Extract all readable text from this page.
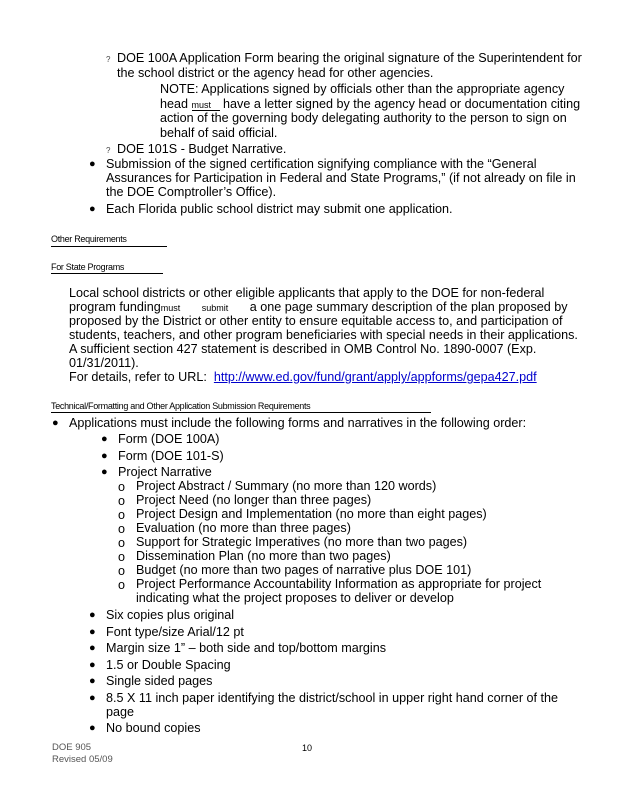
? DOE 100A Application Form bearing the original signature of the Superintendent for
the school district or the agency head for other agencies.
NOTE: Applications signed by officials other than the appropriate agency
head must have a letter signed by the agency head or documentation citing
action of the governing body delegating authority to the person to sign on
behalf of said official.
? DOE 101S - Budget Narrative.
● Submission of the signed certification signifying compliance with the “General
Assurances for Participation in Federal and State Programs,” (if not already on file in
the DOE Comptroller’s Office).
● Each Florida public school district may submit one application.
Other Requirements
For State Programs
Local school districts or other eligible applicants that apply to the DOE for non-federal
program fundingmust submit a one page summary description of the plan proposed by
proposed by the District or other entity to ensure equitable access to, and participation of
students, teachers, and other program beneficiaries with special needs in their applications.
A sufficient section 427 statement is described in OMB Control No. 1890-0007 (Exp.
01/31/2011).
For details, refer to URL: http://www.ed.gov/fund/grant/apply/appforms/gepa427.pdf
Technical/Formatting and Other Application Submission Requirements
● Applications must include the following forms and narratives in the following order:
● Form (DOE 100A)
● Form (DOE 101-S)
● Project Narrative
o Project Abstract / Summary (no more than 120 words)
o Project Need (no longer than three pages)
o Project Design and Implementation (no more than eight pages)
o Evaluation (no more than three pages)
o Support for Strategic Imperatives (no more than two pages)
o Dissemination Plan (no more than two pages)
o Budget (no more than two pages of narrative plus DOE 101)
o Project Performance Accountability Information as appropriate for project
indicating what the project proposes to deliver or develop
● Six copies plus original
● Font type/size Arial/12 pt
● Margin size 1” – both side and top/bottom margins
● 1.5 or Double Spacing
● Single sided pages
● 8.5 X 11 inch paper identifying the district/school in upper right hand corner of the
page
● No bound copies
DOE 905
Revised 05/09
10
